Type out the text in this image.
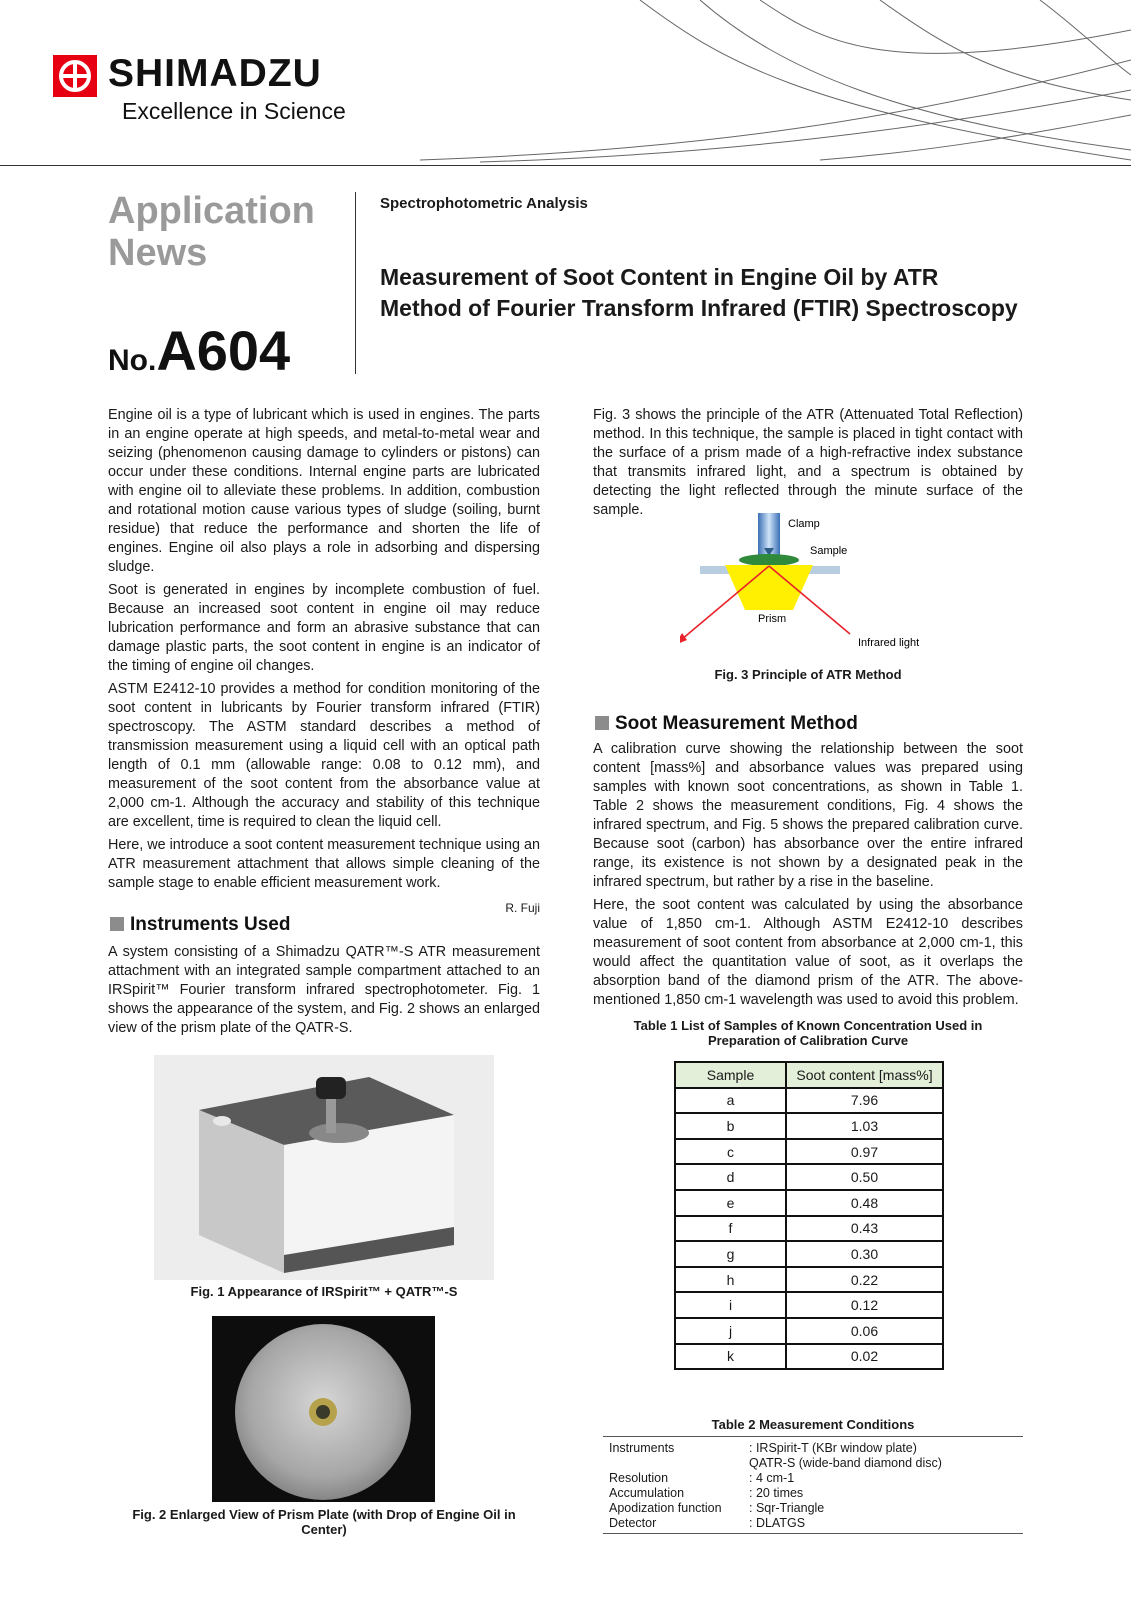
SHIMADZU
Excellence in Science
Application
News
No.A604
Spectrophotometric Analysis
Measurement of Soot Content in Engine Oil by ATR Method of Fourier Transform Infrared (FTIR) Spectroscopy

Engine oil is a type of lubricant which is used in engines. The parts in an engine operate at high speeds, and metal-to-metal wear and seizing (phenomenon causing damage to cylinders or pistons) can occur under these conditions. Internal engine parts are lubricated with engine oil to alleviate these problems. In addition, combustion and rotational motion cause various types of sludge (soiling, burnt residue) that reduce the performance and shorten the life of engines. Engine oil also plays a role in adsorbing and dispersing sludge.

Soot is generated in engines by incomplete combustion of fuel. Because an increased soot content in engine oil may reduce lubrication performance and form an abrasive substance that can damage plastic parts, the soot content in engine is an indicator of the timing of engine oil changes.

ASTM E2412-10 provides a method for condition monitoring of the soot content in lubricants by Fourier transform infrared (FTIR) spectroscopy. The ASTM standard describes a method of transmission measurement using a liquid cell with an optical path length of 0.1 mm (allowable range: 0.08 to 0.12 mm), and measurement of the soot content from the absorbance value at 2,000 cm-1. Although the accuracy and stability of this technique are excellent, time is required to clean the liquid cell.

Here, we introduce a soot content measurement technique using an ATR measurement attachment that allows simple cleaning of the sample stage to enable efficient measurement work.

R. Fuji
Instruments Used
A system consisting of a Shimadzu QATR™-S ATR measurement attachment with an integrated sample compartment attached to an IRSpirit™ Fourier transform infrared spectrophotometer. Fig. 1 shows the appearance of the system, and Fig. 2 shows an enlarged view of the prism plate of the QATR-S.
Fig. 1 Appearance of IRSpirit™ + QATR™-S
Fig. 2 Enlarged View of Prism Plate (with Drop of Engine Oil in Center)
Fig. 3 shows the principle of the ATR (Attenuated Total Reflection) method. In this technique, the sample is placed in tight contact with the surface of a prism made of a high-refractive index substance that transmits infrared light, and a spectrum is obtained by detecting the light reflected through the minute surface of the sample.
Clamp
Sample
Prism
Infrared light
Fig. 3 Principle of ATR Method
Soot Measurement Method

A calibration curve showing the relationship between the soot content [mass%] and absorbance values was prepared using samples with known soot concentrations, as shown in Table 1. Table 2 shows the measurement conditions, Fig. 4 shows the infrared spectrum, and Fig. 5 shows the prepared calibration curve. Because soot (carbon) has absorbance over the entire infrared range, its existence is not shown by a designated peak in the infrared spectrum, but rather by a rise in the baseline.

Here, the soot content was calculated by using the absorbance value of 1,850 cm-1. Although ASTM E2412-10 describes measurement of soot content from absorbance at 2,000 cm-1, this would affect the quantitation value of soot, as it overlaps the absorption band of the diamond prism of the ATR. The above-mentioned 1,850 cm-1 wavelength was used to avoid this problem.

Table 1 List of Samples of Known Concentration Used in Preparation of Calibration Curve
Sample	Soot content [mass%]
a	7.96
b	1.03
c	0.97
d	0.50
e	0.48
f	0.43
g	0.30
h	0.22
i	0.12
j	0.06
k	0.02
Table 2 Measurement Conditions
Instruments	: IRSpirit-T (KBr window plate)
QATR-S (wide-band diamond disc)
Resolution	: 4 cm-1
Accumulation	: 20 times
Apodization function	: Sqr-Triangle
Detector	: DLATGS
